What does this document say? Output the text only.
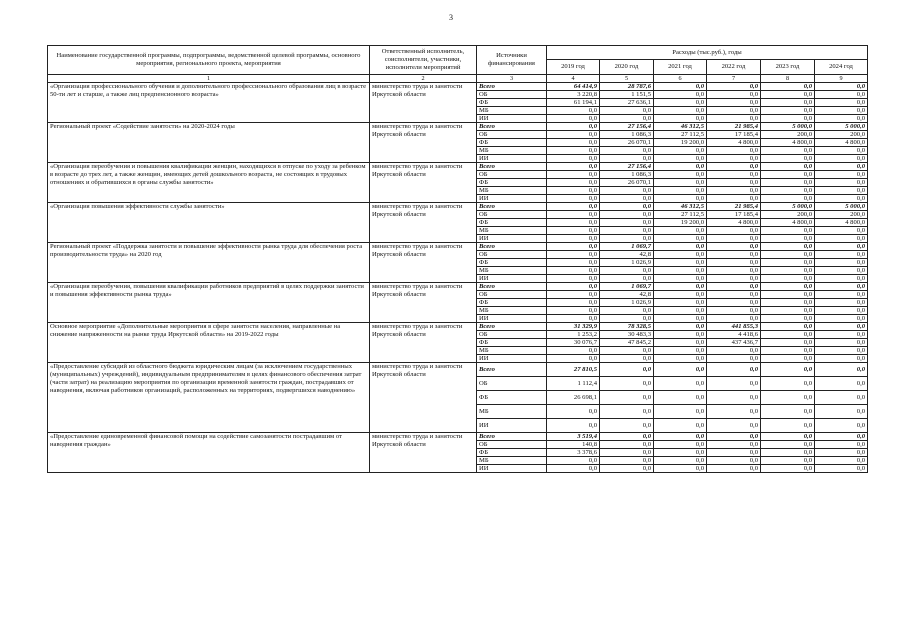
3
Наименование государственной программы, подпрограммы, ведомственной целевой программы, основного мероприятия, регионального проекта, мероприятия	Ответственный исполнитель, соисполнители, участники, исполнители мероприятий	Источники финансирования	Расходы (тыс.руб.), годы					
			2019 год	2020 год	2021 год	2022 год	2023 год	2024 год
1	2	3	4	5	6	7	8	9
«Организация профессионального обучения и дополнительного профессионального образования лиц в возрасте 50-ти лет и старше, а также лиц предпенсионного возраста»	министерство труда и занятости Иркутской области	Всего	64 414,9	28 787,6	0,0	0,0	0,0	0,0
		ОБ	3 220,8	1 151,5	0,0	0,0	0,0	0,0
		ФБ	61 194,1	27 636,1	0,0	0,0	0,0	0,0
		МБ	0,0	0,0	0,0	0,0	0,0	0,0
		ИИ	0,0	0,0	0,0	0,0	0,0	0,0
Региональный проект «Содействие занятости» на 2020-2024 годы	министерство труда и занятости Иркутской области	Всего	0,0	27 156,4	46 312,5	21 985,4	5 000,0	5 000,0
		ОБ	0,0	1 086,3	27 112,5	17 185,4	200,0	200,0
		ФБ	0,0	26 070,1	19 200,0	4 800,0	4 800,0	4 800,0
		МБ	0,0	0,0	0,0	0,0	0,0	0,0
		ИИ	0,0	0,0	0,0	0,0	0,0	0,0
«Организация переобучения и повышения квалификации женщин, находящихся в отпуске по уходу за ребенком в возрасте до трех лет, а также женщин, имеющих детей дошкольного возраста, не состоящих в трудовых отношениях и обратившихся в органы службы занятости»	министерство труда и занятости Иркутской области	Всего	0,0	27 156,4	0,0	0,0	0,0	0,0
		ОБ	0,0	1 086,3	0,0	0,0	0,0	0,0
		ФБ	0,0	26 070,1	0,0	0,0	0,0	0,0
		МБ	0,0	0,0	0,0	0,0	0,0	0,0
		ИИ	0,0	0,0	0,0	0,0	0,0	0,0
«Организация повышения эффективности службы занятости»	министерство труда и занятости Иркутской области	Всего	0,0	0,0	46 312,5	21 985,4	5 000,0	5 000,0
		ОБ	0,0	0,0	27 112,5	17 185,4	200,0	200,0
		ФБ	0,0	0,0	19 200,0	4 800,0	4 800,0	4 800,0
		МБ	0,0	0,0	0,0	0,0	0,0	0,0
		ИИ	0,0	0,0	0,0	0,0	0,0	0,0
Региональный проект «Поддержка занятости и повышение эффективности рынка труда для обеспечения роста производительности труда» на 2020 год	министерство труда и занятости Иркутской области	Всего	0,0	1 069,7	0,0	0,0	0,0	0,0
		ОБ	0,0	42,8	0,0	0,0	0,0	0,0
		ФБ	0,0	1 026,9	0,0	0,0	0,0	0,0
		МБ	0,0	0,0	0,0	0,0	0,0	0,0
		ИИ	0,0	0,0	0,0	0,0	0,0	0,0
«Организация переобучения, повышения квалификации работников предприятий в целях поддержки занятости и повышения эффективности рынка труда»	министерство труда и занятости Иркутской области	Всего	0,0	1 069,7	0,0	0,0	0,0	0,0
		ОБ	0,0	42,8	0,0	0,0	0,0	0,0
		ФБ	0,0	1 026,9	0,0	0,0	0,0	0,0
		МБ	0,0	0,0	0,0	0,0	0,0	0,0
		ИИ	0,0	0,0	0,0	0,0	0,0	0,0
Основное мероприятие «Дополнительные мероприятия в сфере занятости населения, направленные на снижение напряженности на рынке труда Иркутской области» на 2019-2022 годы	министерство труда и занятости Иркутской области	Всего	31 329,9	78 328,5	0,0	441 855,3	0,0	0,0
		ОБ	1 253,2	30 483,3	0,0	4 418,6	0,0	0,0
		ФБ	30 076,7	47 845,2	0,0	437 436,7	0,0	0,0
		МБ	0,0	0,0	0,0	0,0	0,0	0,0
		ИИ	0,0	0,0	0,0	0,0	0,0	0,0
«Предоставление субсидий из областного бюджета юридическим лицам (за исключением государственных (муниципальных) учреждений), индивидуальным предпринимателям в целях финансового обеспечения затрат (части затрат) на реализацию мероприятия по организации временной занятости граждан, пострадавших от наводнения, включая работников организаций, расположенных на территориях, подвергшихся наводнению»	министерство труда и занятости Иркутской области	Всего	27 810,5	0,0	0,0	0,0	0,0	0,0
		ОБ	1 112,4	0,0	0,0	0,0	0,0	0,0
		ФБ	26 698,1	0,0	0,0	0,0	0,0	0,0
		МБ	0,0	0,0	0,0	0,0	0,0	0,0
		ИИ	0,0	0,0	0,0	0,0	0,0	0,0
«Предоставление единовременной финансовой помощи на содействие самозанятости пострадавшим от наводнения граждан»	министерство труда и занятости Иркутской области	Всего	3 519,4	0,0	0,0	0,0	0,0	0,0
		ОБ	140,8	0,0	0,0	0,0	0,0	0,0
		ФБ	3 378,6	0,0	0,0	0,0	0,0	0,0
		МБ	0,0	0,0	0,0	0,0	0,0	0,0
		ИИ	0,0	0,0	0,0	0,0	0,0	0,0
